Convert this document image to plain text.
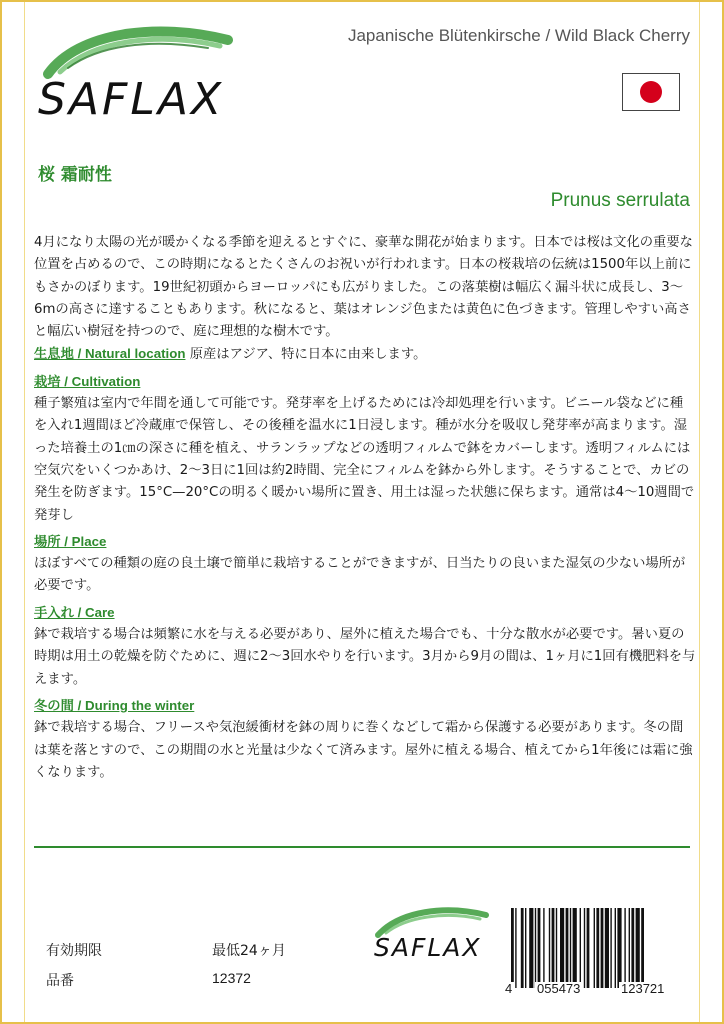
SAFLAX
Japanische Blütenkirsche / Wild Black Cherry
桜 霜耐性
Prunus serrulata

4月になり太陽の光が暖かくなる季節を迎えるとすぐに、豪華な開花が始まります。日本では桜は文化の重要な位置を占めるので、この時期になるとたくさんのお祝いが行われます。日本の桜栽培の伝統は1500年以上前にもさかのぼります。19世紀初頭からヨーロッパにも広がりました。この落葉樹は幅広く漏斗状に成長し、3〜6mの高さに達することもあります。秋になると、葉はオレンジ色または黄色に色づきます。管理しやすい高さと幅広い樹冠を持つので、庭に理想的な樹木です。

生息地 / Natural location 原産はアジア、特に日本に由来します。

栽培 / Cultivation

種子繁殖は室内で年間を通して可能です。発芽率を上げるためには冷却処理を行います。ビニール袋などに種を入れ1週間ほど冷蔵庫で保管し、その後種を温水に1日浸します。種が水分を吸収し発芽率が高まります。湿った培養土の1㎝の深さに種を植え、サランラップなどの透明フィルムで鉢をカバーします。透明フィルムには空気穴をいくつかあけ、2～3日に1回は約2時間、完全にフィルムを鉢から外します。そうすることで、カビの発生を防ぎます。15°C—20°Cの明るく暖かい場所に置き、用土は湿った状態に保ちます。通常は4～10週間で発芽し

場所 / Place

ほぼすべての種類の庭の良土壌で簡単に栽培することができますが、日当たりの良いまた湿気の少ない場所が必要です。

手入れ / Care

鉢で栽培する場合は頻繁に水を与える必要があり、屋外に植えた場合でも、十分な散水が必要です。暑い夏の時期は用土の乾燥を防ぐために、週に2〜3回水やりを行います。3月から9月の間は、1ヶ月に1回有機肥料を与えます。

冬の間 / During the winter

鉢で栽培する場合、フリースや気泡緩衝材を鉢の周りに巻くなどして霜から保護する必要があります。冬の間は葉を落とすので、この期間の水と光量は少なくて済みます。屋外に植える場合、植えてから1年後には霜に強くなります。

有効期限	最低24ヶ月
品番	12372
SAFLAX
4 055473	123721
